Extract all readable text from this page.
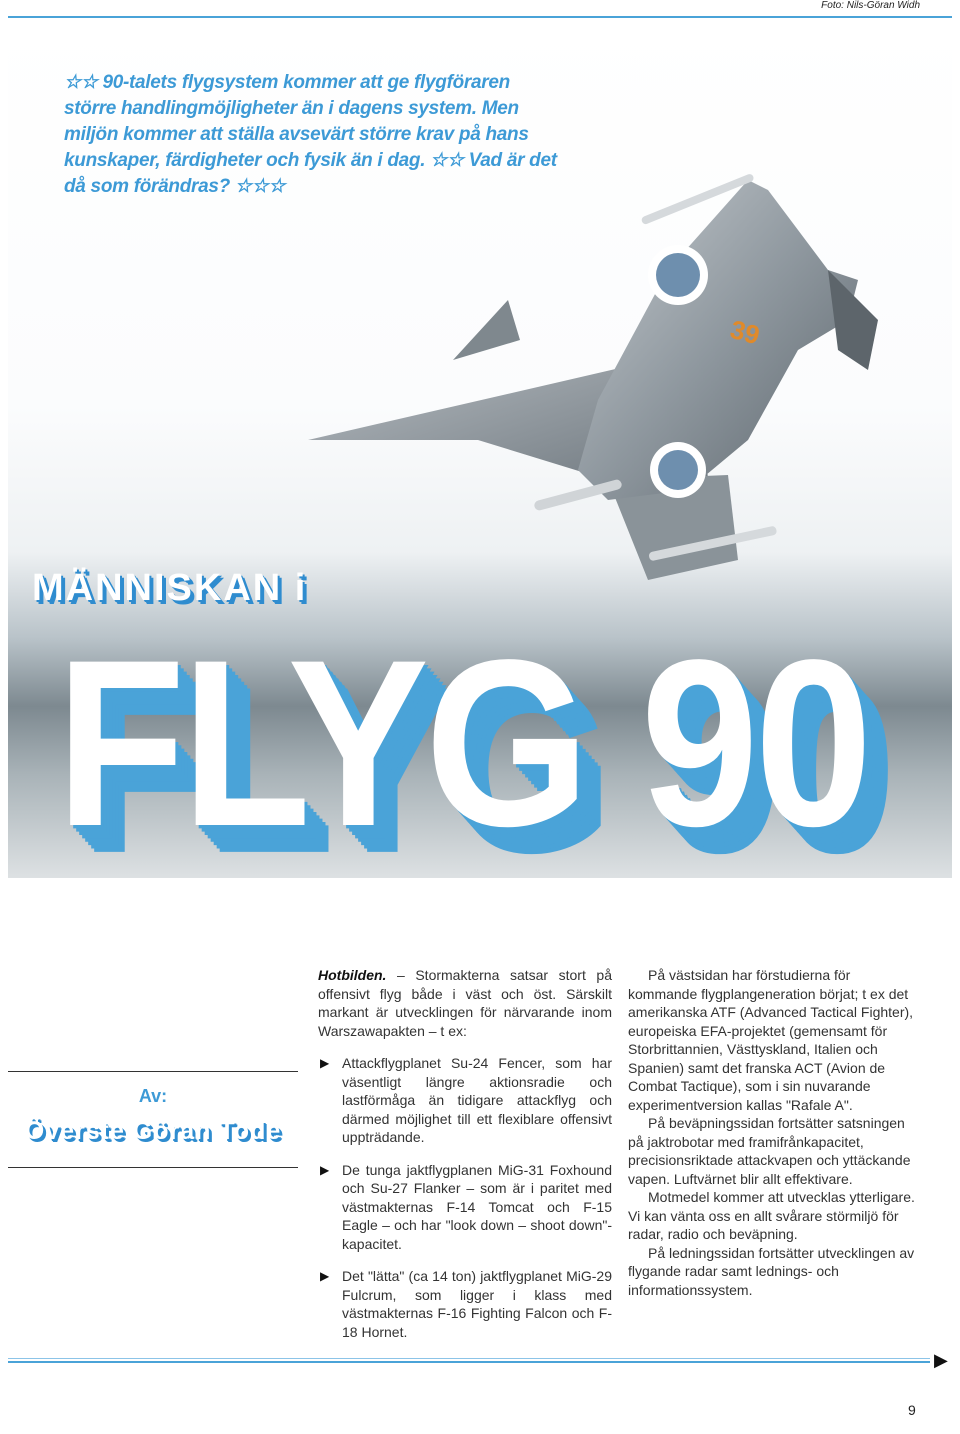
Foto: Nils-Göran Widh
39
☆☆ 90-talets flygsystem kommer att ge flygföraren större handlingmöjligheter än i dagens system. Men miljön kommer att ställa avsevärt större krav på hans kunskaper, färdigheter och fysik än i dag. ☆☆ Vad är det då som förändras? ☆☆☆
MÄNNISKAN i
FLYG 90
Av:
Överste Göran Tode

Hotbilden. – Stormakterna satsar stort på offensivt flyg både i väst och öst. Särskilt markant är utvecklingen för närvarande inom Warszawapakten – t ex:

▶ Attackflygplanet Su-24 Fencer, som har väsentligt längre aktionsradie och lastförmåga än tidigare attackflyg och därmed möjlighet till ett flexiblare offensivt uppträdande.

▶ De tunga jaktflygplanen MiG-31 Foxhound och Su-27 Flanker – som är i paritet med västmakternas F-14 Tomcat och F-15 Eagle – och har "look down – shoot down"-kapacitet.

▶ Det "lätta" (ca 14 ton) jaktflygplanet MiG-29 Fulcrum, som ligger i klass med västmakternas F-16 Fighting Falcon och F-18 Hornet.

På västsidan har förstudierna för kommande flygplangeneration börjat; t ex det amerikanska ATF (Advanced Tactical Fighter), europeiska EFA-projektet (gemensamt för Storbrittannien, Västtyskland, Italien och Spanien) samt det franska ACT (Avion de Combat Tactique), som i sin nuvarande experimentversion kallas "Rafale A".

På beväpningssidan fortsätter satsningen på jaktrobotar med framifrånkapacitet, precisionsriktade attackvapen och yttäckande vapen. Luftvärnet blir allt effektivare.

Motmedel kommer att utvecklas ytterligare. Vi kan vänta oss en allt svårare störmiljö för radar, radio och beväpning.

På ledningssidan fortsätter utvecklingen av flygande radar samt lednings- och informationssystem.

▶
9
